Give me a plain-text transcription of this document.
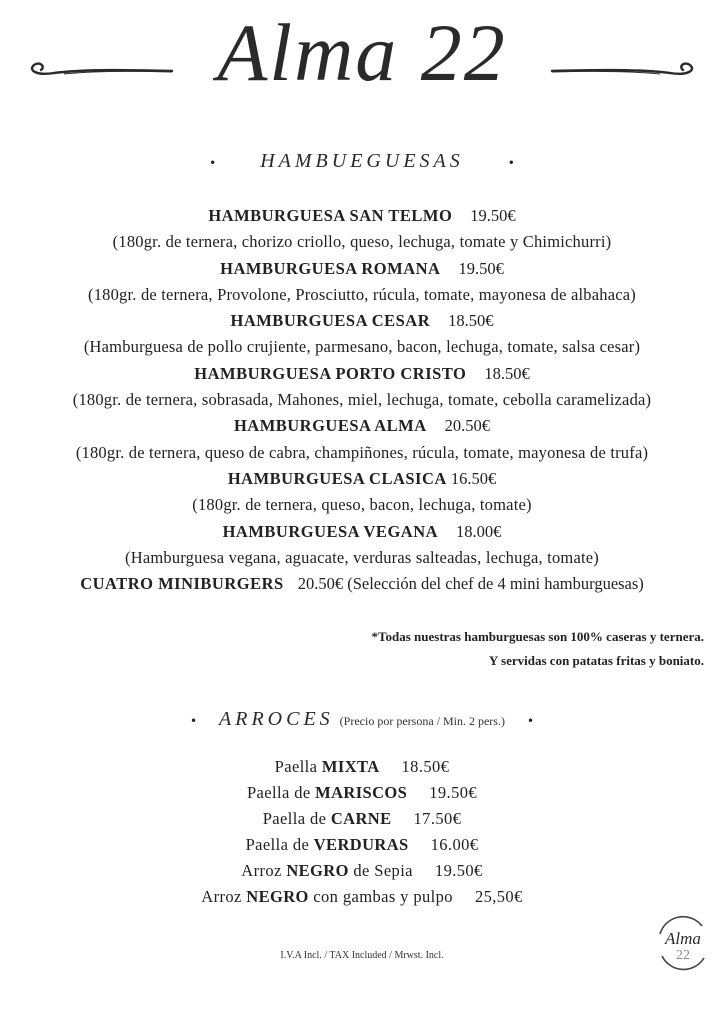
Alma 22
• HAMBUEGUESAS	•
HAMBURGUESA SAN TELMO 19.50€
(180gr. de ternera, chorizo criollo, queso, lechuga, tomate y Chimichurri)
HAMBURGUESA ROMANA 19.50€
(180gr. de ternera, Provolone, Prosciutto, rúcula, tomate, mayonesa de albahaca)
HAMBURGUESA CESAR 18.50€
(Hamburguesa de pollo crujiente, parmesano, bacon, lechuga, tomate, salsa cesar)
HAMBURGUESA PORTO CRISTO 18.50€
(180gr. de ternera, sobrasada, Mahones, miel, lechuga, tomate, cebolla caramelizada)
HAMBURGUESA ALMA 20.50€
(180gr. de ternera, queso de cabra, champiñones, rúcula, tomate, mayonesa de trufa)
HAMBURGUESA CLASICA 16.50€
(180gr. de ternera, queso, bacon, lechuga, tomate)
HAMBURGUESA VEGANA 18.00€
(Hamburguesa vegana, aguacate, verduras salteadas, lechuga, tomate)
CUATRO MINIBURGERS 20.50€ (Selección del chef de 4 mini hamburguesas)
*Todas nuestras hamburguesas son 100% caseras y ternera.
Y servidas con patatas fritas y boniato.
• ARROCES (Precio por persona / Min. 2 pers.) •
Paella MIXTA 18.50€
Paella de MARISCOS 19.50€
Paella de CARNE 17.50€
Paella de VERDURAS 16.00€
Arroz NEGRO de Sepia 19.50€
Arroz NEGRO con gambas y pulpo 25,50€
I.V.A Incl. / TAX Included / Mrwst. Incl.
Alma
22
